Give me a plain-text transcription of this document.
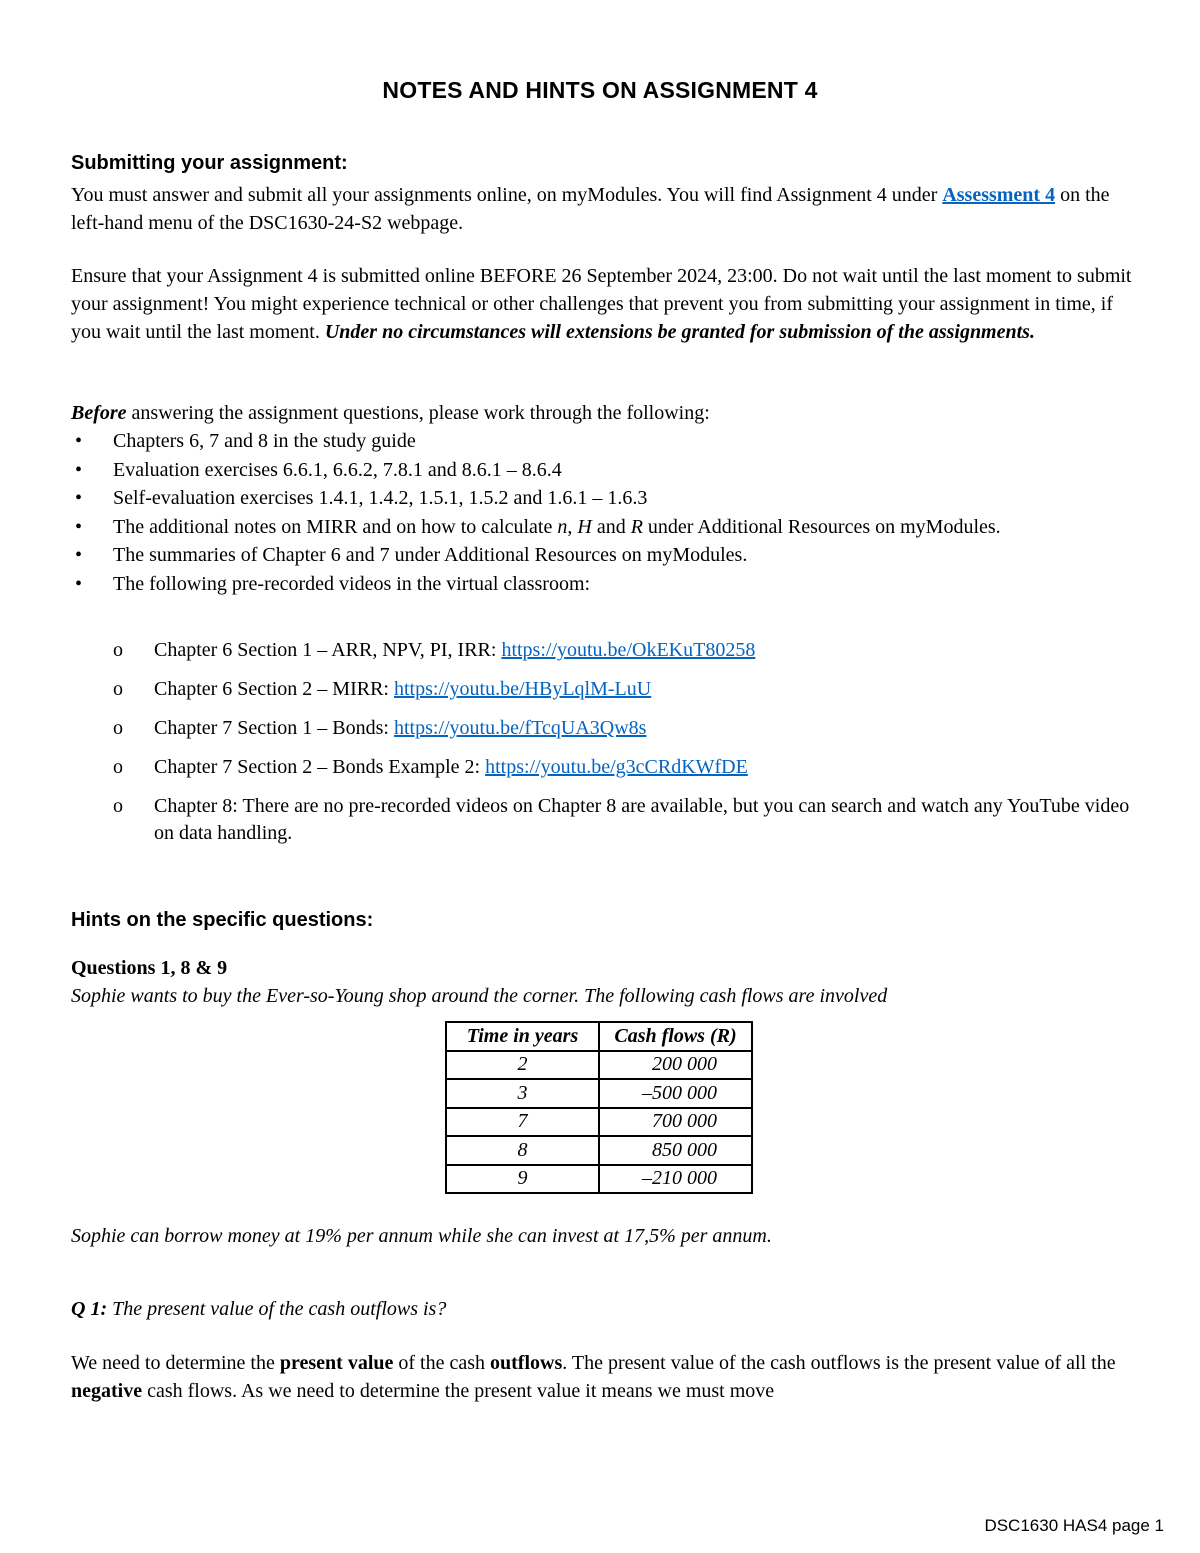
NOTES AND HINTS ON ASSIGNMENT 4
Submitting your assignment:
You must answer and submit all your assignments online, on myModules. You will find Assignment 4 under Assessment 4 on the left-hand menu of the DSC1630-24-S2 webpage.
Ensure that your Assignment 4 is submitted online BEFORE 26 September 2024, 23:00. Do not wait until the last moment to submit your assignment! You might experience technical or other challenges that prevent you from submitting your assignment in time, if you wait until the last moment. Under no circumstances will extensions be granted for submission of the assignments.
Before answering the assignment questions, please work through the following:
• Chapters 6, 7 and 8 in the study guide
• Evaluation exercises 6.6.1, 6.6.2, 7.8.1 and 8.6.1 – 8.6.4
• Self-evaluation exercises 1.4.1, 1.4.2, 1.5.1, 1.5.2 and 1.6.1 – 1.6.3
• The additional notes on MIRR and on how to calculate n, H and R under Additional Resources on myModules.
• The summaries of Chapter 6 and 7 under Additional Resources on myModules.
• The following pre-recorded videos in the virtual classroom:
o Chapter 6 Section 1 – ARR, NPV, PI, IRR: https://youtu.be/OkEKuT80258
o Chapter 6 Section 2 – MIRR: https://youtu.be/HByLqlM-LuU
o Chapter 7 Section 1 – Bonds: https://youtu.be/fTcqUA3Qw8s
o Chapter 7 Section 2 – Bonds Example 2: https://youtu.be/g3cCRdKWfDE
o Chapter 8: There are no pre-recorded videos on Chapter 8 are available, but you can search and watch any YouTube video on data handling.
Hints on the specific questions:
Questions 1, 8 & 9
Sophie wants to buy the Ever-so-Young shop around the corner. The following cash flows are involved
Time in years	Cash flows (R)
2	200 000
3	–500 000
7	700 000
8	850 000
9	–210 000
Sophie can borrow money at 19% per annum while she can invest at 17,5% per annum.
Q 1: The present value of the cash outflows is?
We need to determine the present value of the cash outflows. The present value of the cash outflows is the present value of all the negative cash flows. As we need to determine the present value it means we must move
DSC1630 HAS4 page 1
